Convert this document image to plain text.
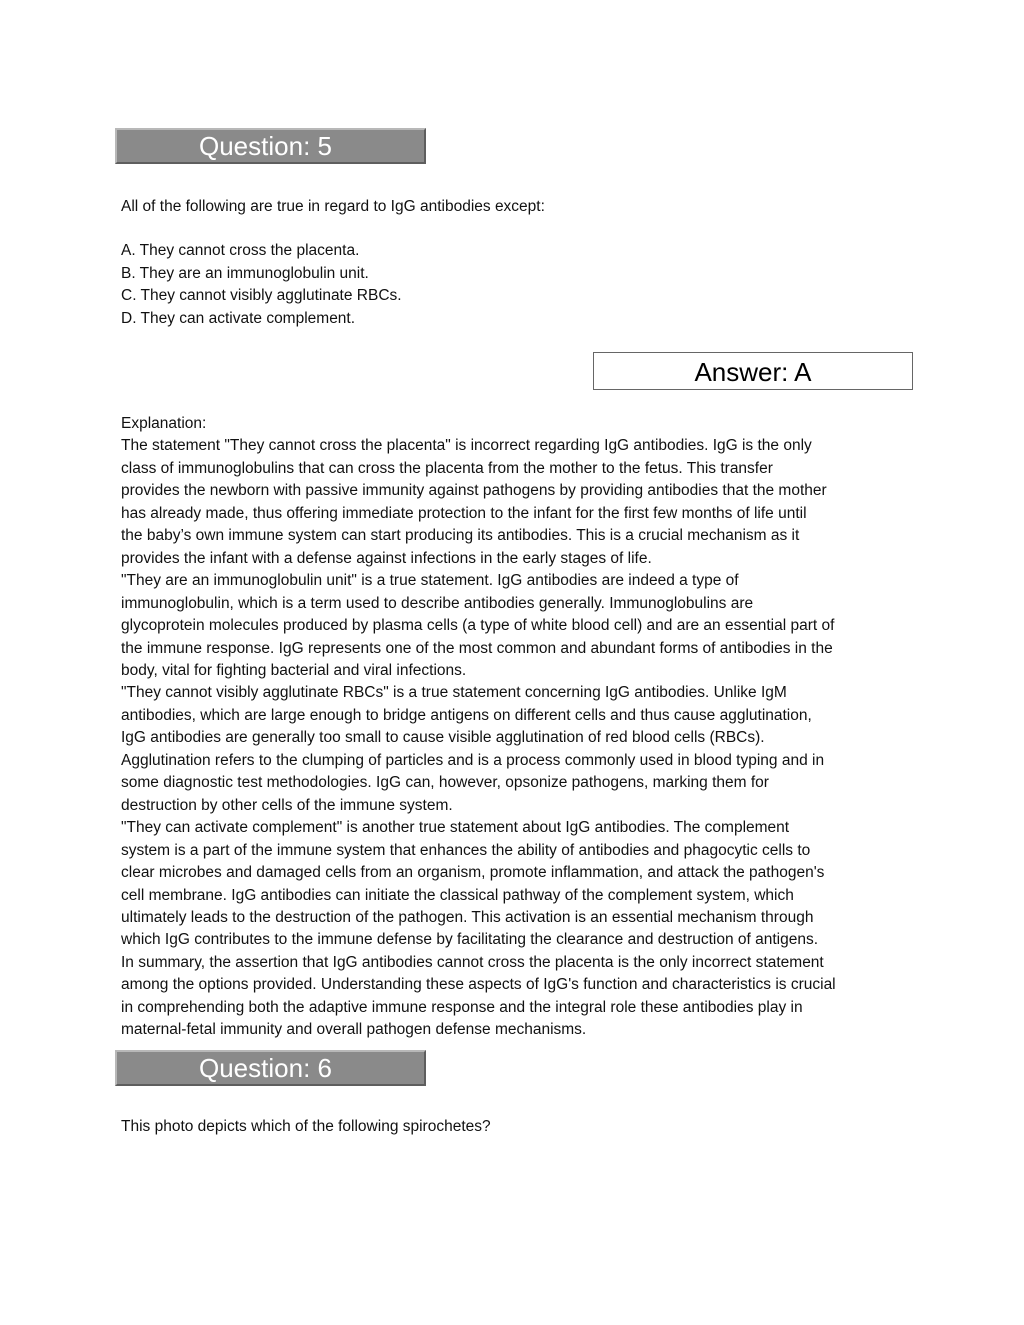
Question: 5

All of the following are true in regard to IgG antibodies except:

A. They cannot cross the placenta.

B. They are an immunoglobulin unit.

C. They cannot visibly agglutinate RBCs.

D. They can activate complement.

Answer: A
Explanation:
The statement "They cannot cross the placenta" is incorrect regarding IgG antibodies. IgG is the only
class of immunoglobulins that can cross the placenta from the mother to the fetus. This transfer
provides the newborn with passive immunity against pathogens by providing antibodies that the mother
has already made, thus offering immediate protection to the infant for the first few months of life until
the baby’s own immune system can start producing its antibodies. This is a crucial mechanism as it
provides the infant with a defense against infections in the early stages of life.
"They are an immunoglobulin unit" is a true statement. IgG antibodies are indeed a type of
immunoglobulin, which is a term used to describe antibodies generally. Immunoglobulins are
glycoprotein molecules produced by plasma cells (a type of white blood cell) and are an essential part of
the immune response. IgG represents one of the most common and abundant forms of antibodies in the
body, vital for fighting bacterial and viral infections.
"They cannot visibly agglutinate RBCs" is a true statement concerning IgG antibodies. Unlike IgM
antibodies, which are large enough to bridge antigens on different cells and thus cause agglutination,
IgG antibodies are generally too small to cause visible agglutination of red blood cells (RBCs).
Agglutination refers to the clumping of particles and is a process commonly used in blood typing and in
some diagnostic test methodologies. IgG can, however, opsonize pathogens, marking them for
destruction by other cells of the immune system.
"They can activate complement" is another true statement about IgG antibodies. The complement
system is a part of the immune system that enhances the ability of antibodies and phagocytic cells to
clear microbes and damaged cells from an organism, promote inflammation, and attack the pathogen's
cell membrane. IgG antibodies can initiate the classical pathway of the complement system, which
ultimately leads to the destruction of the pathogen. This activation is an essential mechanism through
which IgG contributes to the immune defense by facilitating the clearance and destruction of antigens.
In summary, the assertion that IgG antibodies cannot cross the placenta is the only incorrect statement
among the options provided. Understanding these aspects of IgG's function and characteristics is crucial
in comprehending both the adaptive immune response and the integral role these antibodies play in
maternal-fetal immunity and overall pathogen defense mechanisms.
Question: 6

This photo depicts which of the following spirochetes?
